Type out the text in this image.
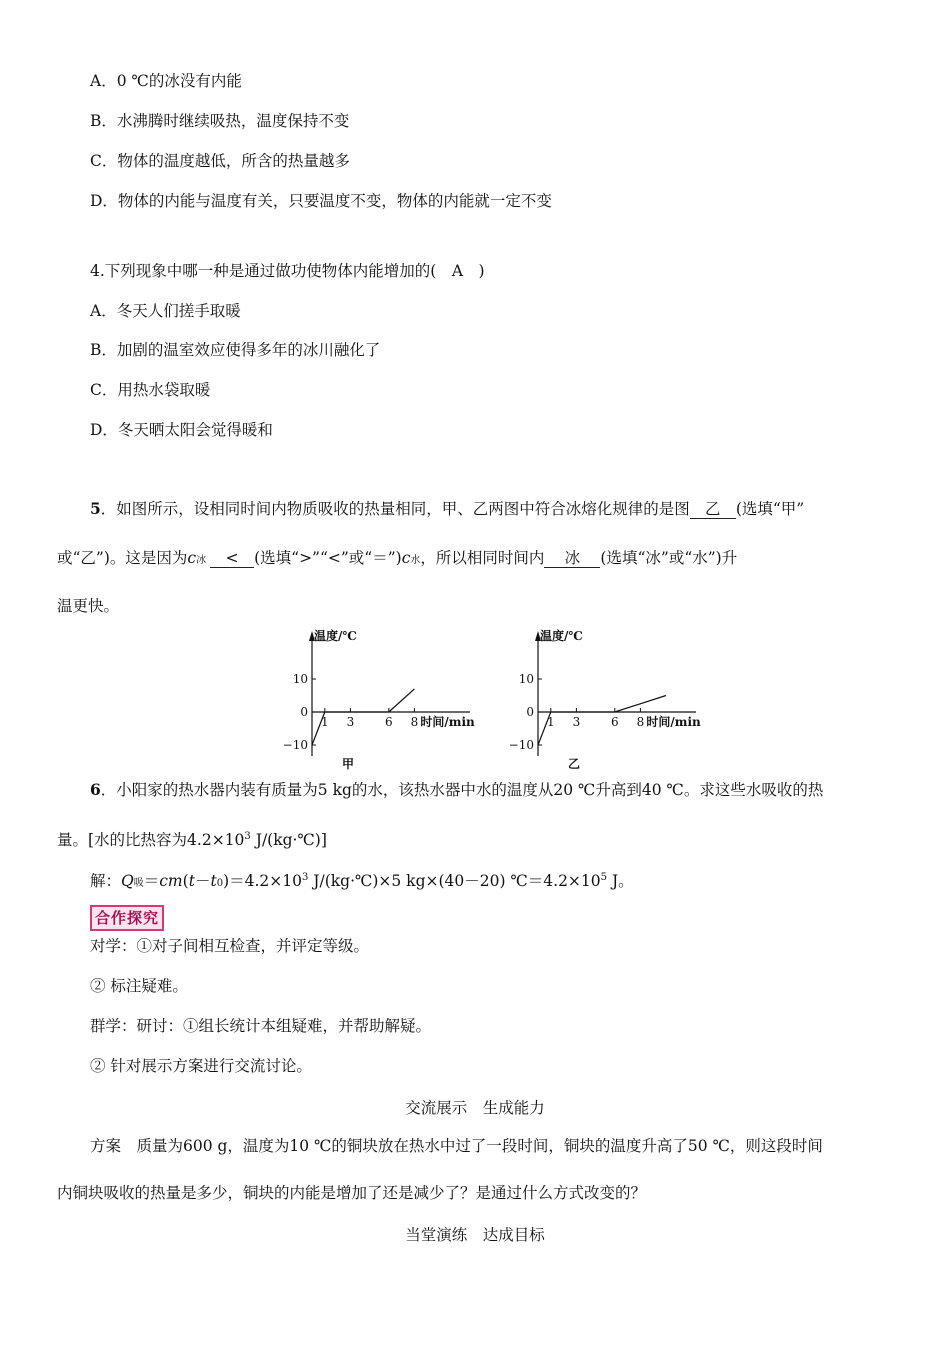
A．0 ℃的冰没有内能
B．水沸腾时继续吸热，温度保持不变
C．物体的温度越低，所含的热量越多
D．物体的内能与温度有关，只要温度不变，物体的内能就一定不变
4.下列现象中哪一种是通过做功使物体内能增加的(　A　)
A．冬天人们搓手取暖
B．加剧的温室效应使得多年的冰川融化了
C．用热水袋取暖
D．冬天晒太阳会觉得暖和
5．如图所示，设相同时间内物质吸收的热量相同，甲、乙两图中符合冰熔化规律的是图 乙 (选填“甲”
或“乙”)。这是因为c冰 < (选填“>”“<”或“＝”)c水，所以相同时间内 冰 (选填“冰”或“水”)升
温更快。
温度/℃
10
0
−10
1 3	6 8 时间/min
甲
温度/℃
10
0
−10
1 3	6 8 时间/min
乙
6．小阳家的热水器内装有质量为5 kg的水，该热水器中水的温度从20 ℃升高到40 ℃。求这些水吸收的热
量。[水的比热容为$4.2\times 10^3$ J/(kg·℃)]
解：Q吸$=cm(t-t0)=4.2\times 10^3$ J/(kg·℃)×5 kg×(40－20) $℃=4.2\times 10^5$ J。
合作探究
对学：①对子间相互检查，并评定等级。
② 标注疑难。
群学：研讨：①组长统计本组疑难，并帮助解疑。
② 针对展示方案进行交流讨论。
交流展示　生成能力
方案　质量为600 g，温度为10 ℃的铜块放在热水中过了一段时间，铜块的温度升高了50 ℃，则这段时间
内铜块吸收的热量是多少，铜块的内能是增加了还是减少了？是通过什么方式改变的？
当堂演练　达成目标
